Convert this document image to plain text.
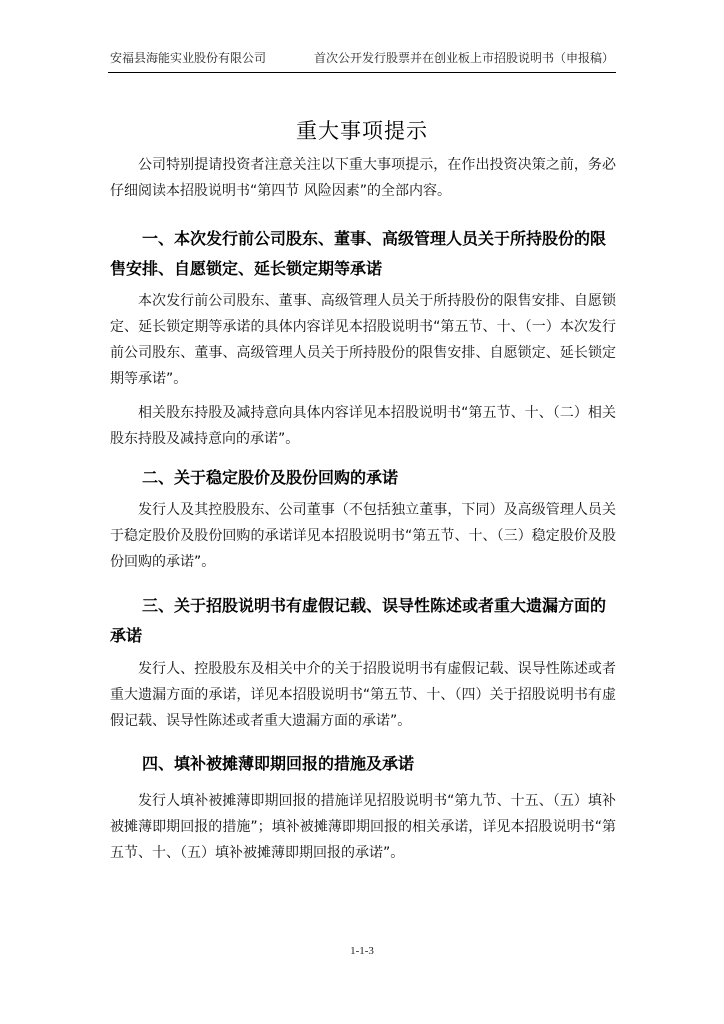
安福县海能实业股份有限公司	首次公开发行股票并在创业板上市招股说明书（申报稿）
重大事项提示
公司特别提请投资者注意关注以下重大事项提示，在作出投资决策之前，务必仔细阅读本招股说明书“第四节 风险因素”的全部内容。
一、本次发行前公司股东、董事、高级管理人员关于所持股份的限售安排、自愿锁定、延长锁定期等承诺
本次发行前公司股东、董事、高级管理人员关于所持股份的限售安排、自愿锁定、延长锁定期等承诺的具体内容详见本招股说明书“第五节、十、（一）本次发行前公司股东、董事、高级管理人员关于所持股份的限售安排、自愿锁定、延长锁定期等承诺”。
相关股东持股及减持意向具体内容详见本招股说明书“第五节、十、（二）相关股东持股及减持意向的承诺”。
二、关于稳定股价及股份回购的承诺
发行人及其控股股东、公司董事（不包括独立董事，下同）及高级管理人员关于稳定股价及股份回购的承诺详见本招股说明书“第五节、十、（三）稳定股价及股份回购的承诺”。
三、关于招股说明书有虚假记载、误导性陈述或者重大遗漏方面的承诺
发行人、控股股东及相关中介的关于招股说明书有虚假记载、误导性陈述或者重大遗漏方面的承诺，详见本招股说明书“第五节、十、（四）关于招股说明书有虚假记载、误导性陈述或者重大遗漏方面的承诺”。
四、填补被摊薄即期回报的措施及承诺
发行人填补被摊薄即期回报的措施详见招股说明书“第九节、十五、（五）填补被摊薄即期回报的措施”；填补被摊薄即期回报的相关承诺，详见本招股说明书“第五节、十、（五）填补被摊薄即期回报的承诺”。
1-1-3
